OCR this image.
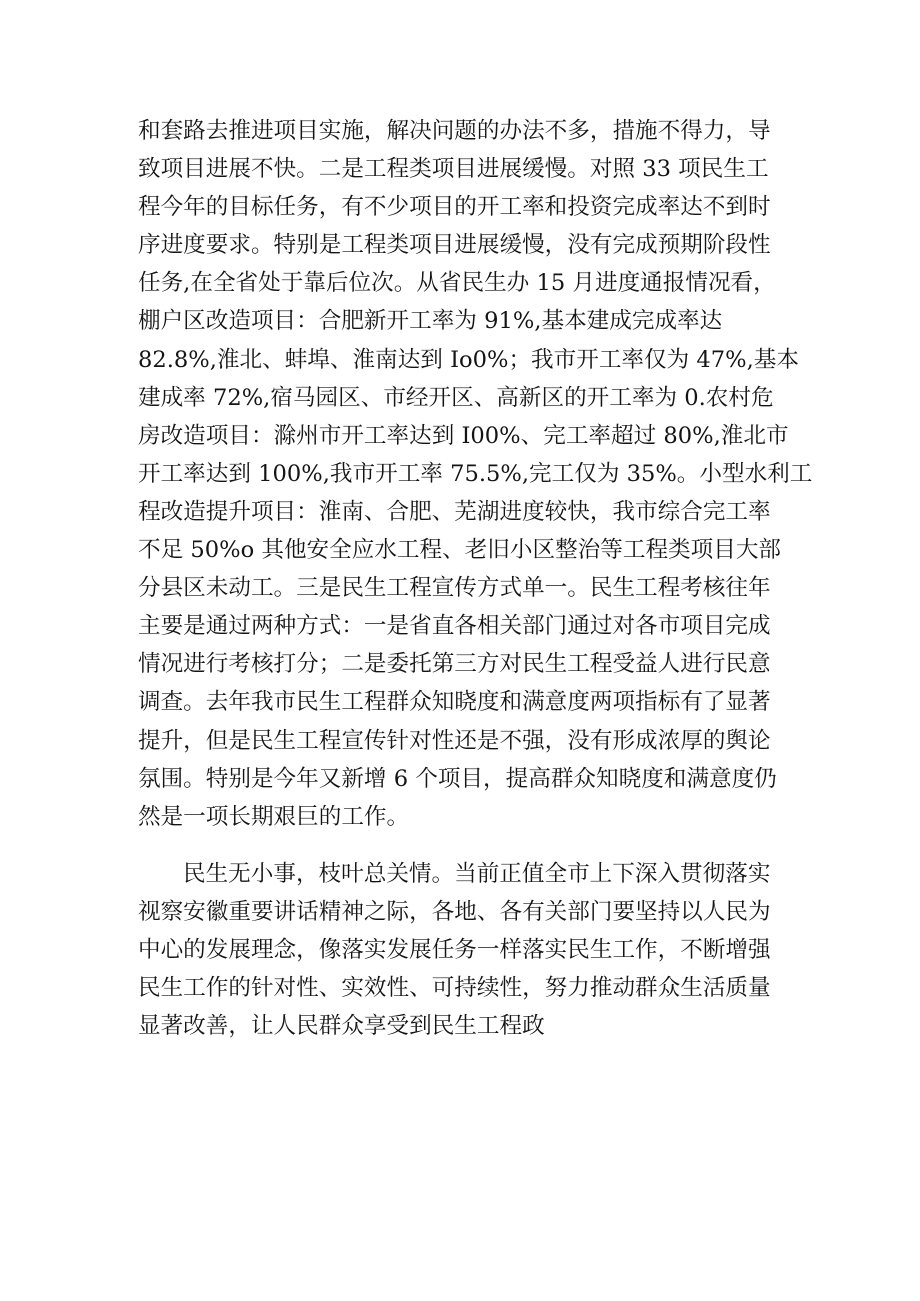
和套路去推进项目实施，解决问题的办法不多，措施不得力，导
致项目进展不快。二是工程类项目进展缓慢。对照 33 项民生工
程今年的目标任务，有不少项目的开工率和投资完成率达不到时
序进度要求。特别是工程类项目进展缓慢，没有完成预期阶段性
任务,在全省处于靠后位次。从省民生办 15 月进度通报情况看，
棚户区改造项目：合肥新开工率为 91%,基本建成完成率达
82.8%,淮北、蚌埠、淮南达到 Io0%；我市开工率仅为 47%,基本
建成率 72%,宿马园区、市经开区、高新区的开工率为 0.农村危
房改造项目：滁州市开工率达到 I00%、完工率超过 80%,淮北市
开工率达到 100%,我市开工率 75.5%,完工仅为 35%。小型水利工
程改造提升项目：淮南、合肥、芜湖进度较快，我市综合完工率
不足 50%o 其他安全应水工程、老旧小区整治等工程类项目大部
分县区未动工。三是民生工程宣传方式单一。民生工程考核往年
主要是通过两种方式：一是省直各相关部门通过对各市项目完成
情况进行考核打分；二是委托第三方对民生工程受益人进行民意
调查。去年我市民生工程群众知晓度和满意度两项指标有了显著
提升，但是民生工程宣传针对性还是不强，没有形成浓厚的舆论
氛围。特别是今年又新增 6 个项目，提高群众知晓度和满意度仍
然是一项长期艰巨的工作。

民生无小事，枝叶总关情。当前正值全市上下深入贯彻落实
视察安徽重要讲话精神之际，各地、各有关部门要坚持以人民为
中心的发展理念，像落实发展任务一样落实民生工作，不断增强
民生工作的针对性、实效性、可持续性，努力推动群众生活质量
显著改善，让人民群众享受到民生工程政
